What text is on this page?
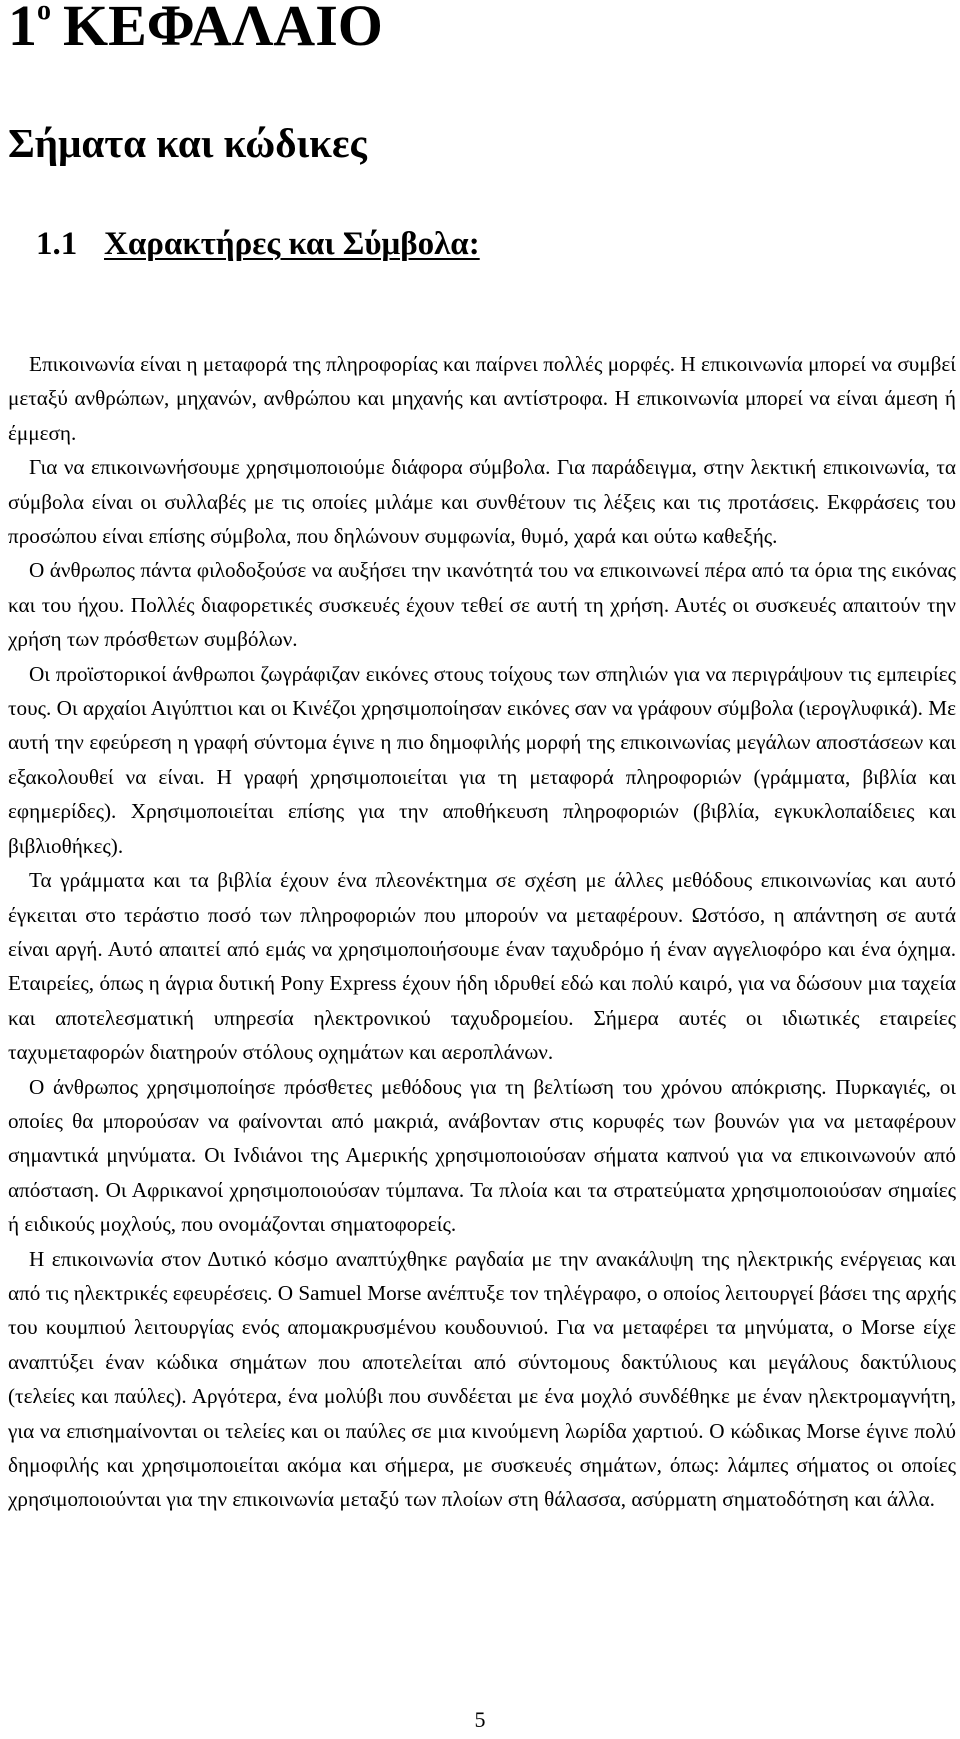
$1^o$ ΚΕΦΑΛΑΙΟ
Σήματα και κώδικες
1.1 Χαρακτήρες και Σύμβολα:

Επικοινωνία είναι η μεταφορά της πληροφορίας και παίρνει πολλές μορφές. Η επικοινωνία μπορεί να συμβεί μεταξύ ανθρώπων, μηχανών, ανθρώπου και μηχανής και αντίστροφα. Η επικοινωνία μπορεί να είναι άμεση ή έμμεση.

Για να επικοινωνήσουμε χρησιμοποιούμε διάφορα σύμβολα. Για παράδειγμα, στην λεκτική επικοινωνία, τα σύμβολα είναι οι συλλαβές με τις οποίες μιλάμε και συνθέτουν τις λέξεις και τις προτάσεις. Εκφράσεις του προσώπου είναι επίσης σύμβολα, που δηλώνουν συμφωνία, θυμό, χαρά και ούτω καθεξής.

Ο άνθρωπος πάντα φιλοδοξούσε να αυξήσει την ικανότητά του να επικοινωνεί πέρα από τα όρια της εικόνας και του ήχου. Πολλές διαφορετικές συσκευές έχουν τεθεί σε αυτή τη χρήση. Αυτές οι συσκευές απαιτούν την χρήση των πρόσθετων συμβόλων.

Οι προϊστορικοί άνθρωποι ζωγράφιζαν εικόνες στους τοίχους των σπηλιών για να περιγράψουν τις εμπειρίες τους. Οι αρχαίοι Αιγύπτιοι και οι Κινέζοι χρησιμοποίησαν εικόνες σαν να γράφουν σύμβολα (ιερογλυφικά). Με αυτή την εφεύρεση η γραφή σύντομα έγινε η πιο δημοφιλής μορφή της επικοινωνίας μεγάλων αποστάσεων και εξακολουθεί να είναι. Η γραφή χρησιμοποιείται για τη μεταφορά πληροφοριών (γράμματα, βιβλία και εφημερίδες). Χρησιμοποιείται επίσης για την αποθήκευση πληροφοριών (βιβλία, εγκυκλοπαίδειες και βιβλιοθήκες).

Τα γράμματα και τα βιβλία έχουν ένα πλεονέκτημα σε σχέση με άλλες μεθόδους επικοινωνίας και αυτό έγκειται στο τεράστιο ποσό των πληροφοριών που μπορούν να μεταφέρουν. Ωστόσο, η απάντηση σε αυτά είναι αργή. Αυτό απαιτεί από εμάς να χρησιμοποιήσουμε έναν ταχυδρόμο ή έναν αγγελιοφόρο και ένα όχημα. Εταιρείες, όπως η άγρια δυτική Pony Express έχουν ήδη ιδρυθεί εδώ και πολύ καιρό, για να δώσουν μια ταχεία και αποτελεσματική υπηρεσία ηλεκτρονικού ταχυδρομείου. Σήμερα αυτές οι ιδιωτικές εταιρείες ταχυμεταφορών διατηρούν στόλους οχημάτων και αεροπλάνων.

Ο άνθρωπος χρησιμοποίησε πρόσθετες μεθόδους για τη βελτίωση του χρόνου απόκρισης. Πυρκαγιές, οι οποίες θα μπορούσαν να φαίνονται από μακριά, ανάβονταν στις κορυφές των βουνών για να μεταφέρουν σημαντικά μηνύματα. Οι Ινδιάνοι της Αμερικής χρησιμοποιούσαν σήματα καπνού για να επικοινωνούν από απόσταση. Οι Αφρικανοί χρησιμοποιούσαν τύμπανα. Τα πλοία και τα στρατεύματα χρησιμοποιούσαν σημαίες ή ειδικούς μοχλούς, που ονομάζονται σηματοφορείς.

Η επικοινωνία στον Δυτικό κόσμο αναπτύχθηκε ραγδαία με την ανακάλυψη της ηλεκτρικής ενέργειας και από τις ηλεκτρικές εφευρέσεις. Ο Samuel Morse ανέπτυξε τον τηλέγραφο, ο οποίος λειτουργεί βάσει της αρχής του κουμπιού λειτουργίας ενός απομακρυσμένου κουδουνιού. Για να μεταφέρει τα μηνύματα, ο Morse είχε αναπτύξει έναν κώδικα σημάτων που αποτελείται από σύντομους δακτύλιους και μεγάλους δακτύλιους (τελείες και παύλες). Αργότερα, ένα μολύβι που συνδέεται με ένα μοχλό συνδέθηκε με έναν ηλεκτρομαγνήτη, για να επισημαίνονται οι τελείες και οι παύλες σε μια κινούμενη λωρίδα χαρτιού. Ο κώδικας Morse έγινε πολύ δημοφιλής και χρησιμοποιείται ακόμα και σήμερα, με συσκευές σημάτων, όπως: λάμπες σήματος οι οποίες χρησιμοποιούνται για την επικοινωνία μεταξύ των πλοίων στη θάλασσα, ασύρματη σηματοδότηση και άλλα.

5
